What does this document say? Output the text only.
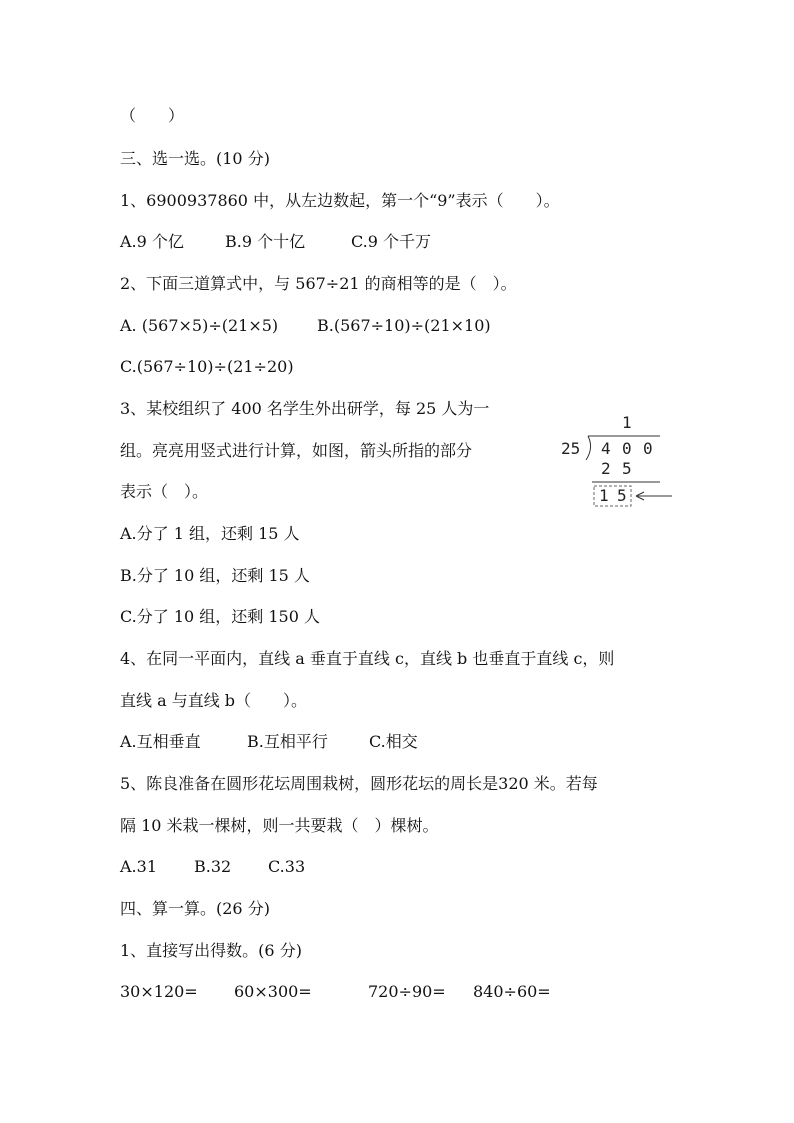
（　　）
三、选一选。(10 分)
1、6900937860 中，从左边数起，第一个“9”表示（　　）。
A.9 个亿	B.9 个十亿	C.9 个千万
2、下面三道算式中，与 567÷21 的商相等的是（　）。
A. (567×5)÷(21×5) B.(567÷10)÷(21×10)
C.(567÷10)÷(21÷20)
3、某校组织了 400 名学生外出研学，每 25 人为一
组。亮亮用竖式进行计算，如图，箭头所指的部分
表示（　）。
1
25 4 0 0
2 5
1 5
A.分了 1 组，还剩 15 人
B.分了 10 组，还剩 15 人
C.分了 10 组，还剩 150 人
4、在同一平面内，直线 a 垂直于直线 c，直线 b 也垂直于直线 c，则
直线 a 与直线 b（　　）。
A.互相垂直	B.互相平行	C.相交
5、陈良准备在圆形花坛周围栽树，圆形花坛的周长是320 米。若每
隔 10 米栽一棵树，则一共要栽（　）棵树。
A.31 B.32 C.33
四、算一算。(26 分)
1、直接写出得数。(6 分)
30×120= 60×300=	720÷90= 840÷60=
